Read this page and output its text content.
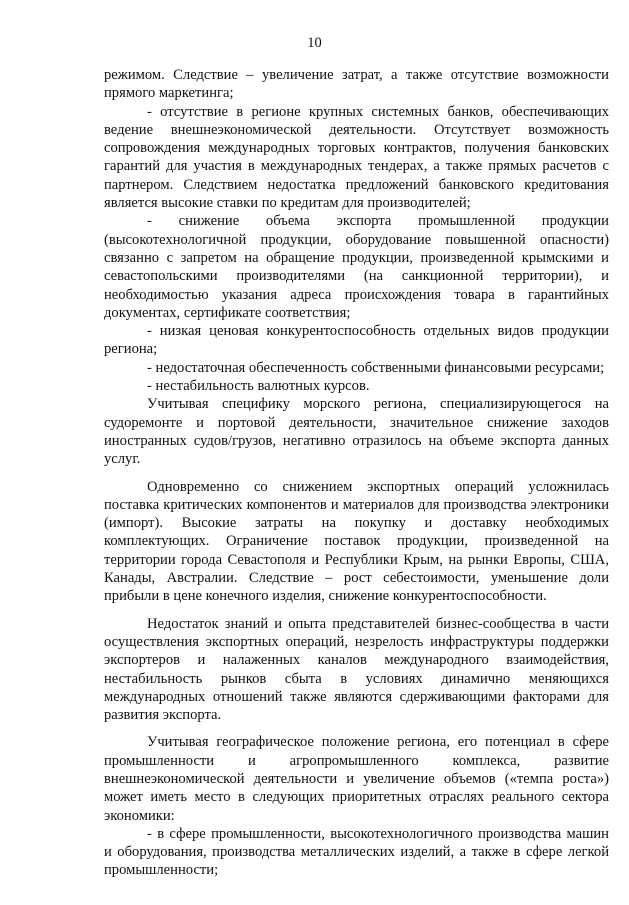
10

режимом. Следствие – увеличение затрат, а также отсутствие возможности прямого маркетинга;

- отсутствие в регионе крупных системных банков, обеспечивающих ведение внешнеэкономической деятельности. Отсутствует возможность сопровождения международных торговых контрактов, получения банковских гарантий для участия в международных тендерах, а также прямых расчетов с партнером. Следствием недостатка предложений банковского кредитования является высокие ставки по кредитам для производителей;

- снижение объема экспорта промышленной продукции (высокотехнологичной продукции, оборудование повышенной опасности) связанно с запретом на обращение продукции, произведенной крымскими и севастопольскими производителями (на санкционной территории), и необходимостью указания адреса происхождения товара в гарантийных документах, сертификате соответствия;

- низкая ценовая конкурентоспособность отдельных видов продукции региона;

- недостаточная обеспеченность собственными финансовыми ресурсами;

- нестабильность валютных курсов.

Учитывая специфику морского региона, специализирующегося на судоремонте и портовой деятельности, значительное снижение заходов иностранных судов/грузов, негативно отразилось на объеме экспорта данных услуг.

Одновременно со снижением экспортных операций усложнилась поставка критических компонентов и материалов для производства электроники (импорт). Высокие затраты на покупку и доставку необходимых комплектующих. Ограничение поставок продукции, произведенной на территории города Севастополя и Республики Крым, на рынки Европы, США, Канады, Австралии. Следствие – рост себестоимости, уменьшение доли прибыли в цене конечного изделия, снижение конкурентоспособности.

Недостаток знаний и опыта представителей бизнес-сообщества в части осуществления экспортных операций, незрелость инфраструктуры поддержки экспортеров и налаженных каналов международного взаимодействия, нестабильность рынков сбыта в условиях динамично меняющихся международных отношений также являются сдерживающими факторами для развития экспорта.

Учитывая географическое положение региона, его потенциал в сфере промышленности и агропромышленного комплекса, развитие внешнеэкономической деятельности и увеличение объемов («темпа роста») может иметь место в следующих приоритетных отраслях реального сектора экономики:

- в сфере промышленности, высокотехнологичного производства машин и оборудования, производства металлических изделий, а также в сфере легкой промышленности;
